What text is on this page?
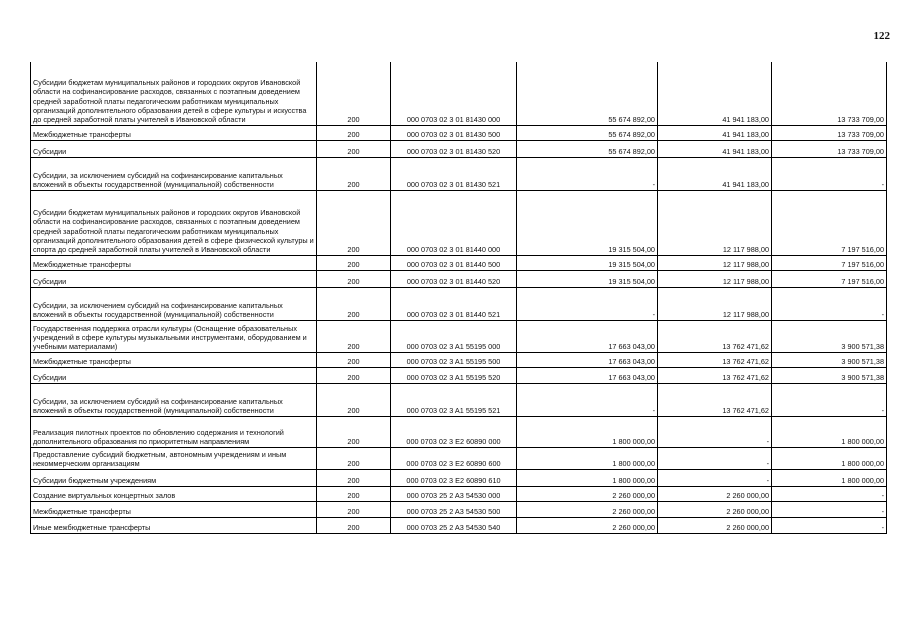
122
Субсидии бюджетам муниципальных районов и городских округов Ивановской области на софинансирование расходов, связанных с поэтапным доведением средней заработной платы педагогическим работникам муниципальных организаций дополнительного образования детей в сфере культуры и искусства до средней заработной платы учителей в Ивановской области	200	000 0703 02 3 01 81430 000	55 674 892,00	41 941 183,00	13 733 709,00
Межбюджетные трансферты	200	000 0703 02 3 01 81430 500	55 674 892,00	41 941 183,00	13 733 709,00
Субсидии	200	000 0703 02 3 01 81430 520	55 674 892,00	41 941 183,00	13 733 709,00
Субсидии, за исключением субсидий на софинансирование капитальных вложений в объекты государственной (муниципальной) собственности	200	000 0703 02 3 01 81430 521	-	41 941 183,00	-
Субсидии бюджетам муниципальных районов и городских округов Ивановской области на софинансирование расходов, связанных с поэтапным доведением средней заработной платы педагогическим работникам муниципальных организаций дополнительного образования детей в сфере физической культуры и спорта до средней заработной платы учителей в Ивановской области	200	000 0703 02 3 01 81440 000	19 315 504,00	12 117 988,00	7 197 516,00
Межбюджетные трансферты	200	000 0703 02 3 01 81440 500	19 315 504,00	12 117 988,00	7 197 516,00
Субсидии	200	000 0703 02 3 01 81440 520	19 315 504,00	12 117 988,00	7 197 516,00
Субсидии, за исключением субсидий на софинансирование капитальных вложений в объекты государственной (муниципальной) собственности	200	000 0703 02 3 01 81440 521	-	12 117 988,00	-
Государственная поддержка отрасли культуры (Оснащение образовательных учреждений в сфере культуры музыкальными инструментами, оборудованием и учебными материалами)	200	000 0703 02 3 A1 55195 000	17 663 043,00	13 762 471,62	3 900 571,38
Межбюджетные трансферты	200	000 0703 02 3 A1 55195 500	17 663 043,00	13 762 471,62	3 900 571,38
Субсидии	200	000 0703 02 3 A1 55195 520	17 663 043,00	13 762 471,62	3 900 571,38
Субсидии, за исключением субсидий на софинансирование капитальных вложений в объекты государственной (муниципальной) собственности	200	000 0703 02 3 A1 55195 521	-	13 762 471,62	-
Реализация пилотных проектов по обновлению содержания и технологий дополнительного образования по приоритетным направлениям	200	000 0703 02 3 E2 60890 000	1 800 000,00	-	1 800 000,00
Предоставление субсидий бюджетным, автономным учреждениям и иным некоммерческим организациям	200	000 0703 02 3 E2 60890 600	1 800 000,00	-	1 800 000,00
Субсидии бюджетным учреждениям	200	000 0703 02 3 E2 60890 610	1 800 000,00	-	1 800 000,00
Создание виртуальных концертных залов	200	000 0703 25 2 A3 54530 000	2 260 000,00	2 260 000,00	-
Межбюджетные трансферты	200	000 0703 25 2 A3 54530 500	2 260 000,00	2 260 000,00	-
Иные межбюджетные трансферты	200	000 0703 25 2 A3 54530 540	2 260 000,00	2 260 000,00	-
